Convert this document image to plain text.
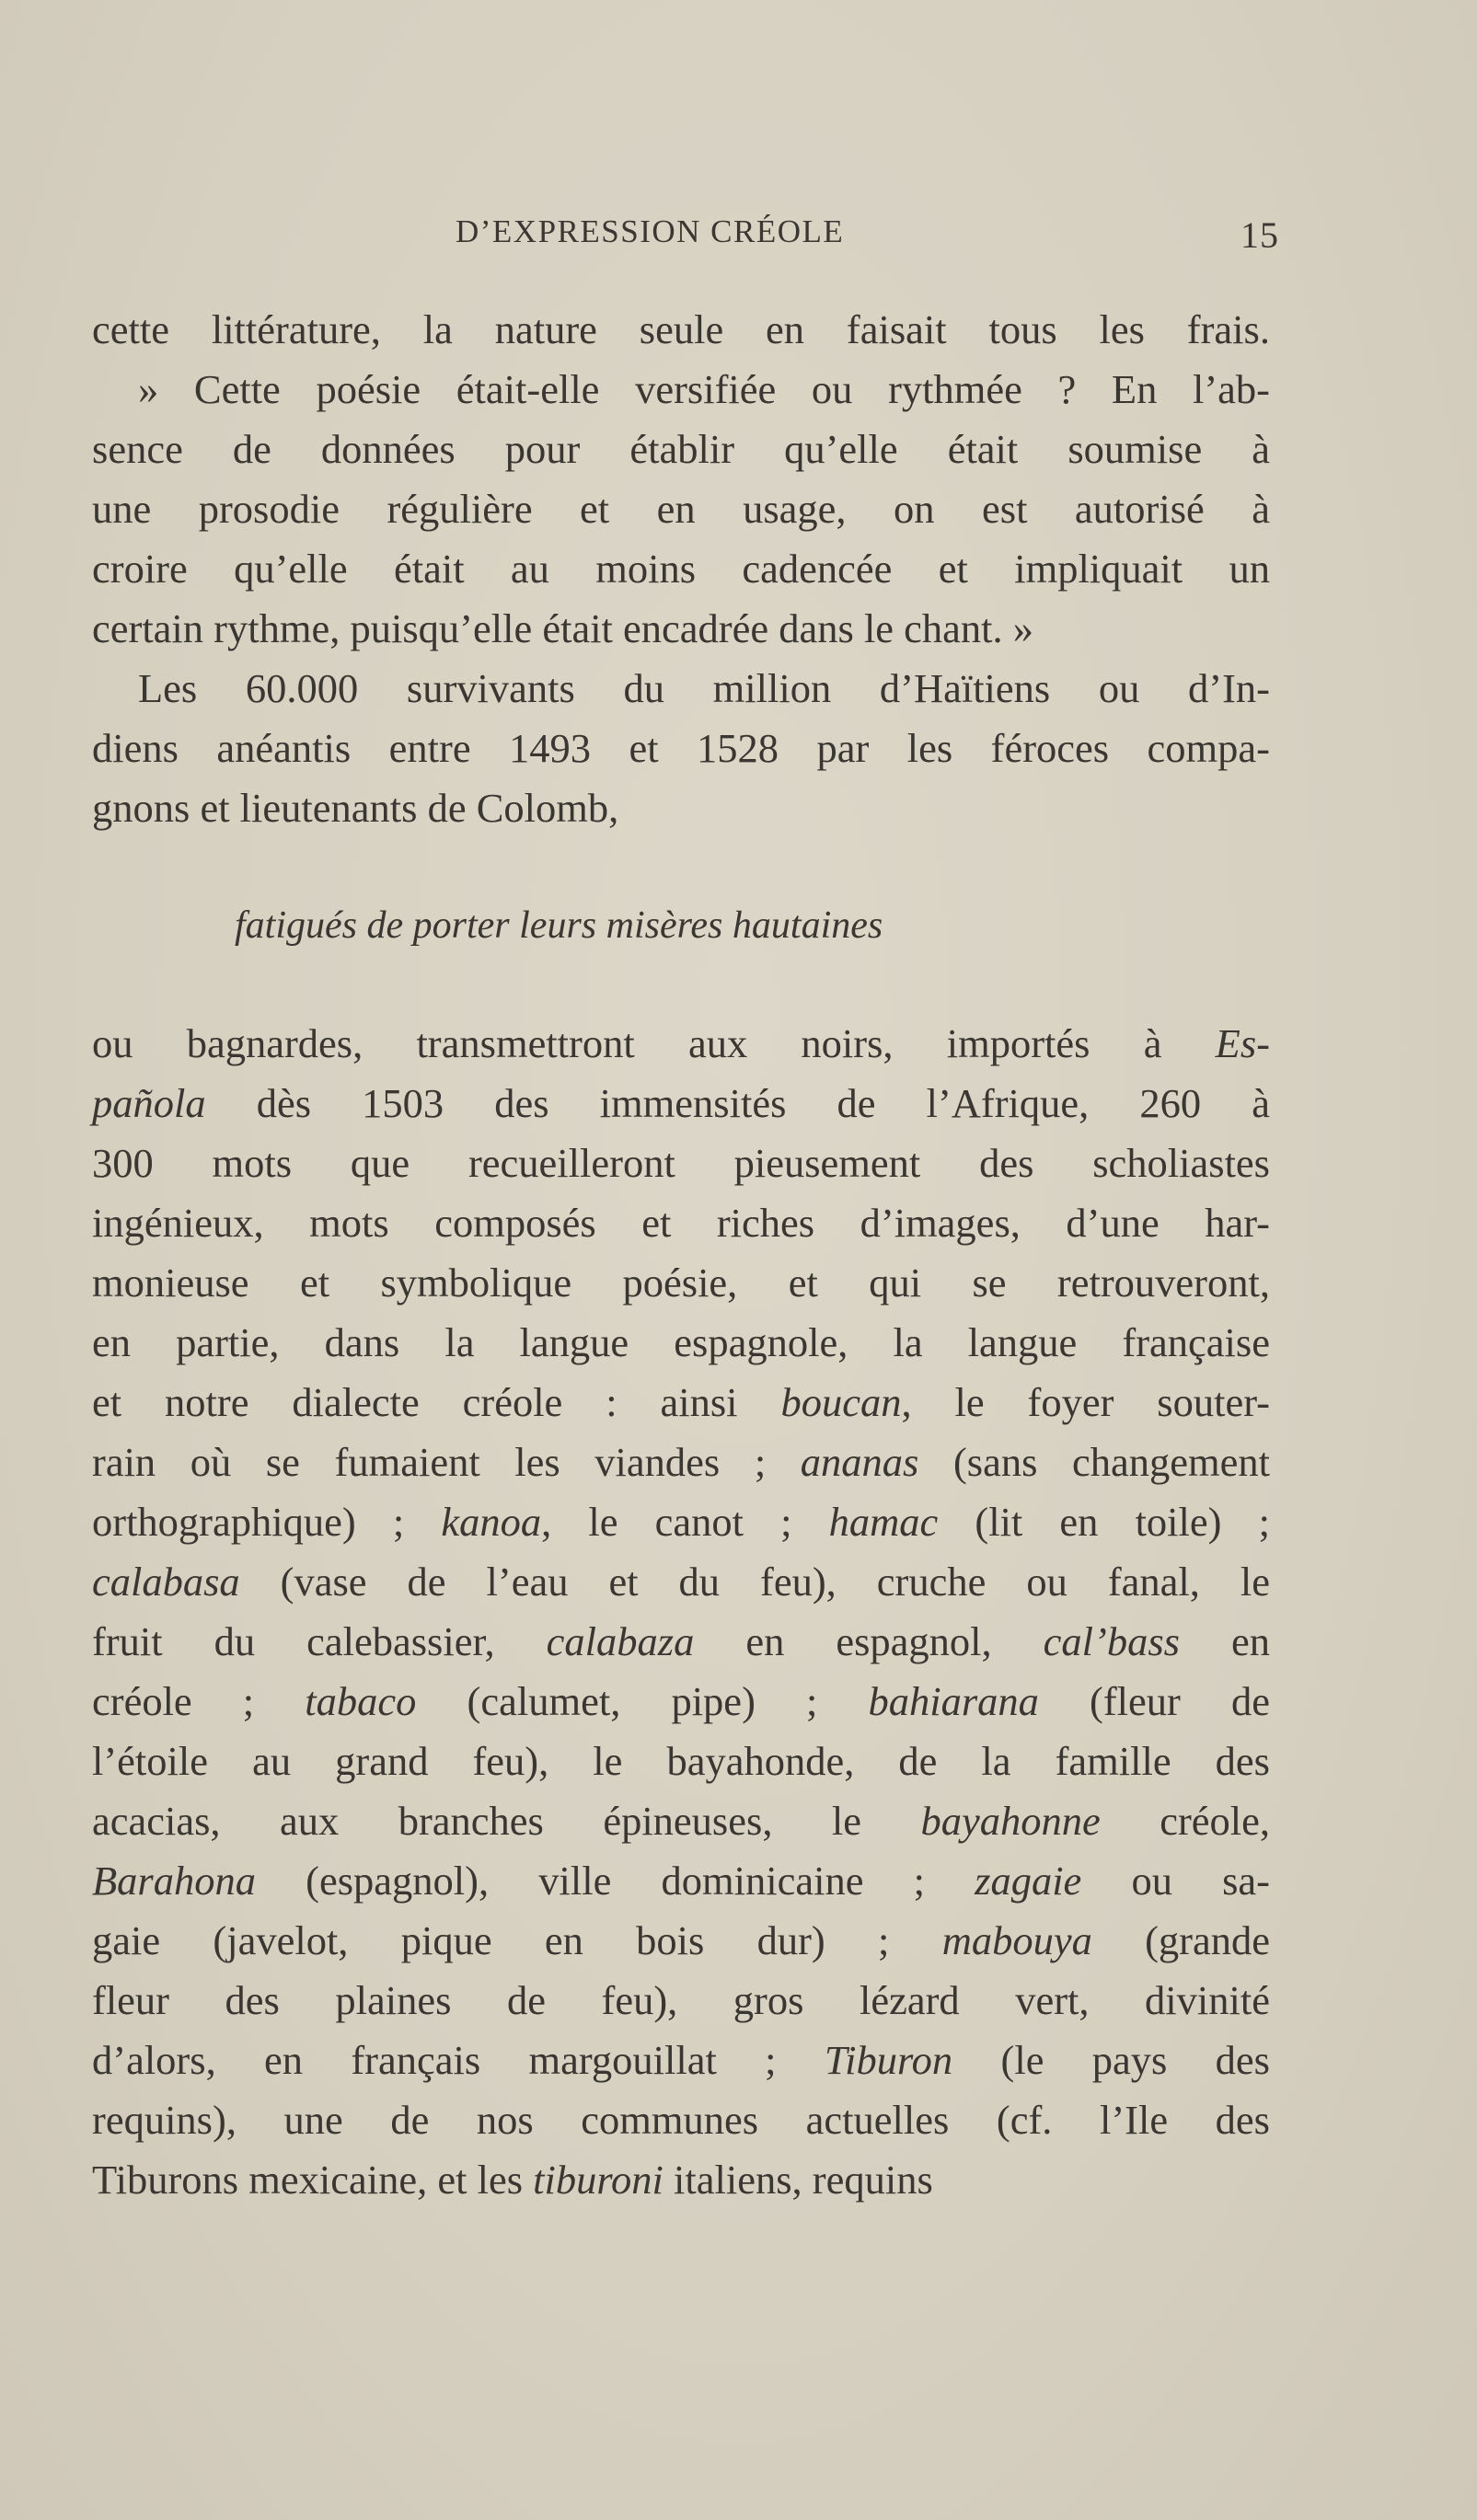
D’EXPRESSION CRÉOLE	15
cette littérature, la nature seule en faisait tous les frais.
» Cette poésie était-elle versifiée ou rythmée ? En l’ab-
sence de données pour établir qu’elle était soumise à
une prosodie régulière et en usage, on est autorisé à
croire qu’elle était au moins cadencée et impliquait un
certain rythme, puisqu’elle était encadrée dans le chant. »
Les 60.000 survivants du million d’Haïtiens ou d’In-
diens anéantis entre 1493 et 1528 par les féroces compa-
gnons et lieutenants de Colomb,
fatigués de porter leurs misères hautaines
ou bagnardes, transmettront aux noirs, importés à Es-
pañola dès 1503 des immensités de l’Afrique, 260 à
300 mots que recueilleront pieusement des scholiastes
ingénieux, mots composés et riches d’images, d’une har-
monieuse et symbolique poésie, et qui se retrouveront,
en partie, dans la langue espagnole, la langue française
et notre dialecte créole : ainsi boucan, le foyer souter-
rain où se fumaient les viandes ; ananas (sans changement
orthographique) ; kanoa, le canot ; hamac (lit en toile) ;
calabasa (vase de l’eau et du feu), cruche ou fanal, le
fruit du calebassier, calabaza en espagnol, cal’bass en
créole ; tabaco (calumet, pipe) ; bahiarana (fleur de
l’étoile au grand feu), le bayahonde, de la famille des
acacias, aux branches épineuses, le bayahonne créole,
Barahona (espagnol), ville dominicaine ; zagaie ou sa-
gaie (javelot, pique en bois dur) ; mabouya (grande
fleur des plaines de feu), gros lézard vert, divinité
d’alors, en français margouillat ; Tiburon (le pays des
requins), une de nos communes actuelles (cf. l’Ile des
Tiburons mexicaine, et les tiburoni italiens, requins
